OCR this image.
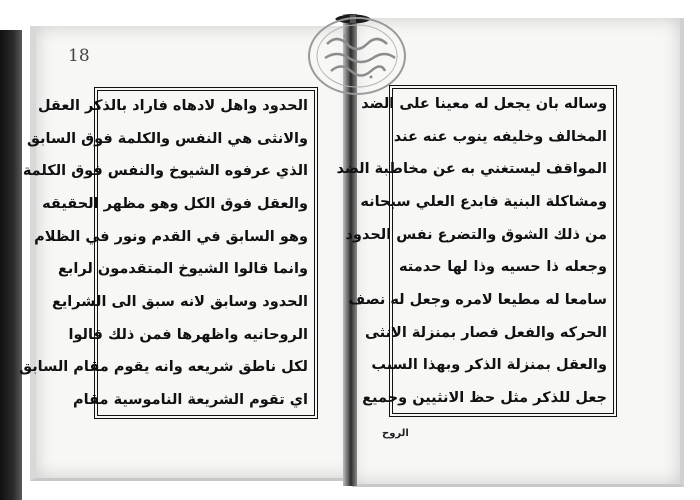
18
الحدود واهل لادهاه فاراد بالذكر العقل
والانثى هي النفس والكلمة فوق السابق
الذي عرفوه الشيوخ والنفس فوق الكلمة
والعقل فوق الكل وهو مظهر الحقيقه
وهو السابق في القدم ونور في الظلام
وانما قالوا الشيوخ المتقدمون لرابع
الحدود وسابق لانه سبق الى الشرايع
الروحانيه واظهرها فمن ذلك قالوا
لكل ناطق شريعه وانه يقوم مقام السابق
اي تقوم الشريعة الناموسية مقام
وساله بان يجعل له معينا على الضد
المخالف وخليفه ينوب عنه عند
المواقف ليستغني به عن مخاطبة الضد
ومشاكلة البنية فابدع العلي سبحانه
من ذلك الشوق والتضرع نفس الحدود
وجعله ذا حسيه وذا لها حدمته
سامعا له مطيعا لامره وجعل له نصف
الحركه والفعل فصار بمنزلة الانثى
والعقل بمنزلة الذكر وبهذا السبب
جعل للذكر مثل حظ الانثيين وجميع
الروح
